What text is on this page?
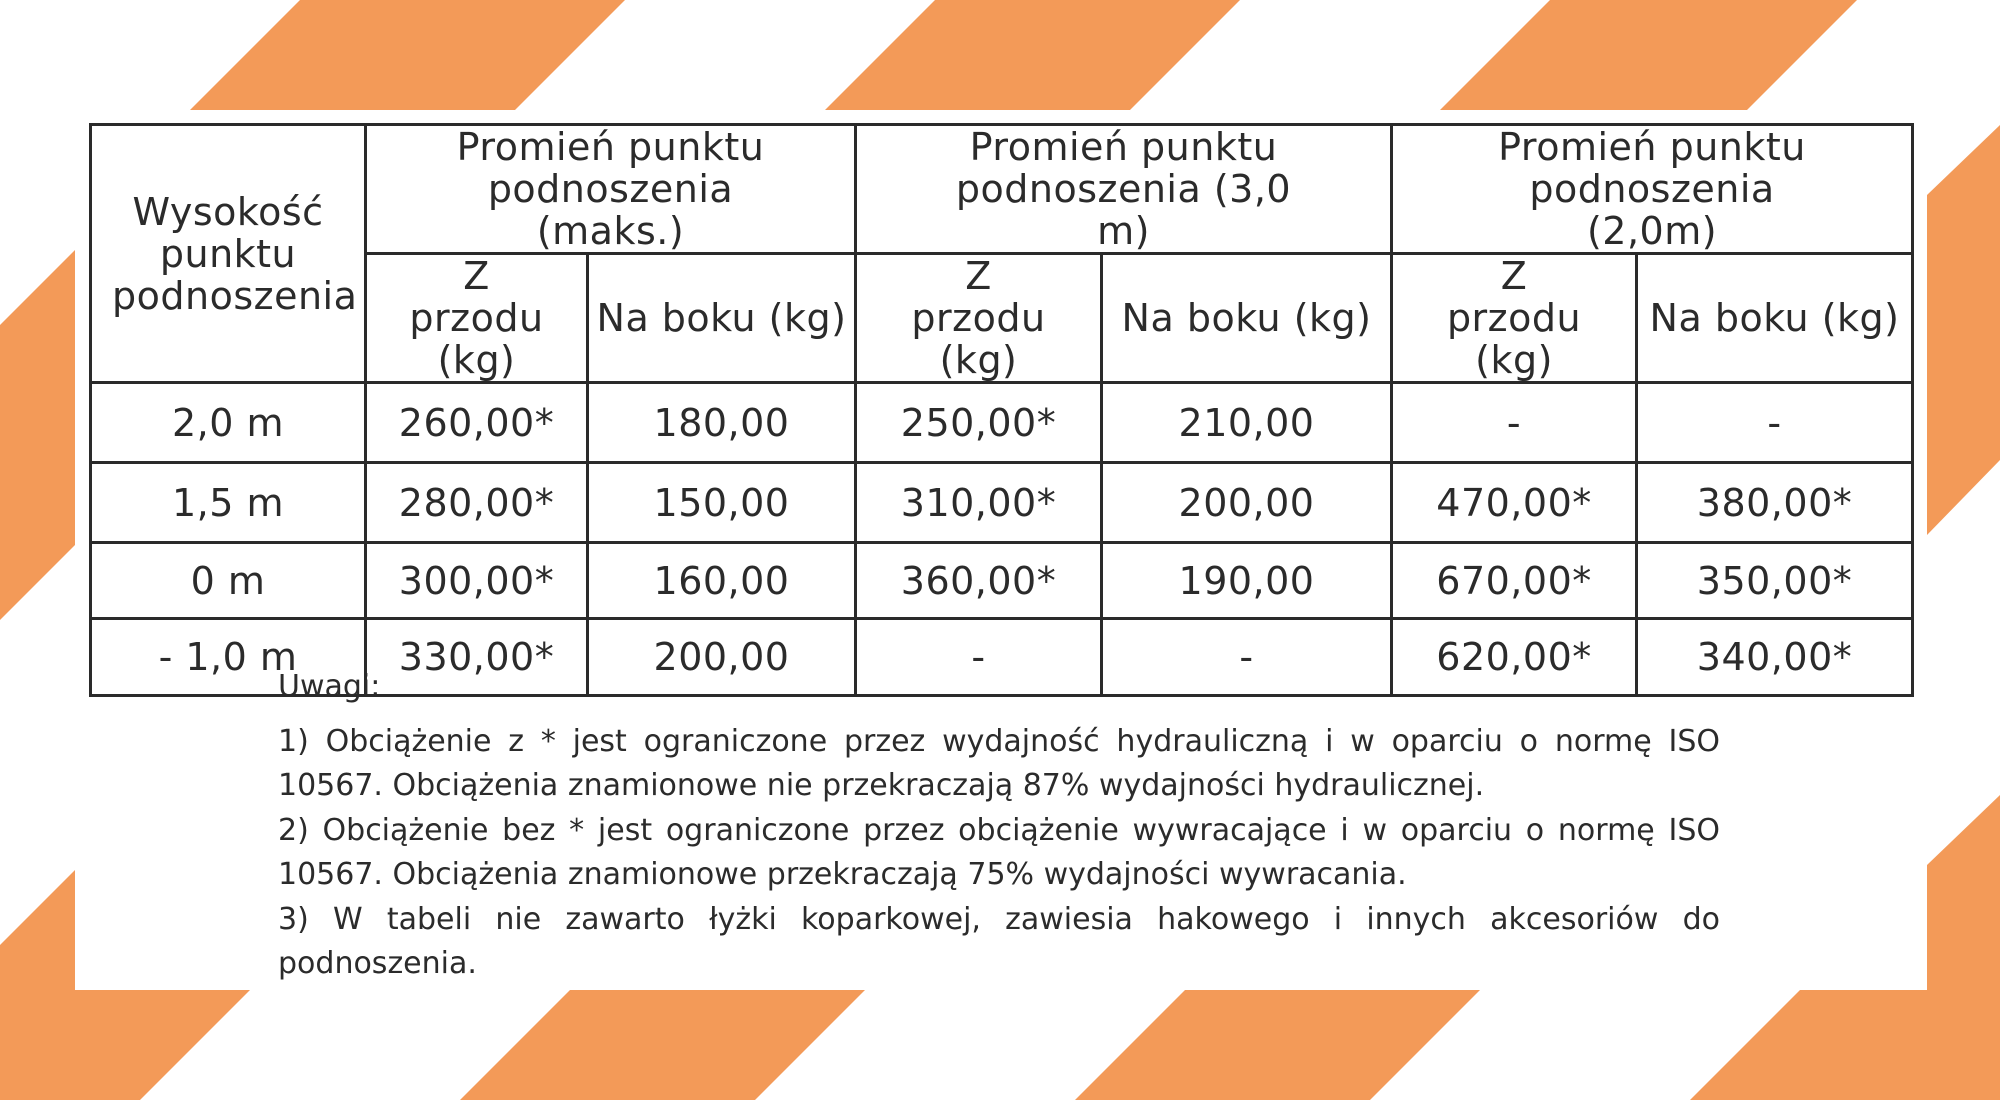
Wysokość punktu podnoszenia	Promień punktu podnoszenia (maks.)		Promień punktu podnoszenia (3,0 m)		Promień punktu podnoszenia (2,0m)	
	Z przodu (kg)	Na boku (kg)	Z przodu (kg)	Na boku (kg)	Z przodu (kg)	Na boku (kg)
2,0 m	260,00*	180,00	250,00*	210,00	-	-
1,5 m	280,00*	150,00	310,00*	200,00	470,00*	380,00*
0 m	300,00*	160,00	360,00*	190,00	670,00*	350,00*
- 1,0 m	330,00*	200,00	-	-	620,00*	340,00*
Uwagi:
1) Obciążenie z * jest ograniczone przez wydajność hydrauliczną i w oparciu o normę ISO 10567. Obciążenia znamionowe nie przekraczają 87% wydajności hydraulicznej.
2) Obciążenie bez * jest ograniczone przez obciążenie wywracające i w oparciu o normę ISO 10567. Obciążenia znamionowe przekraczają 75% wydajności wywracania.
3) W tabeli nie zawarto łyżki koparkowej, zawiesia hakowego i innych akcesoriów do podnoszenia.
